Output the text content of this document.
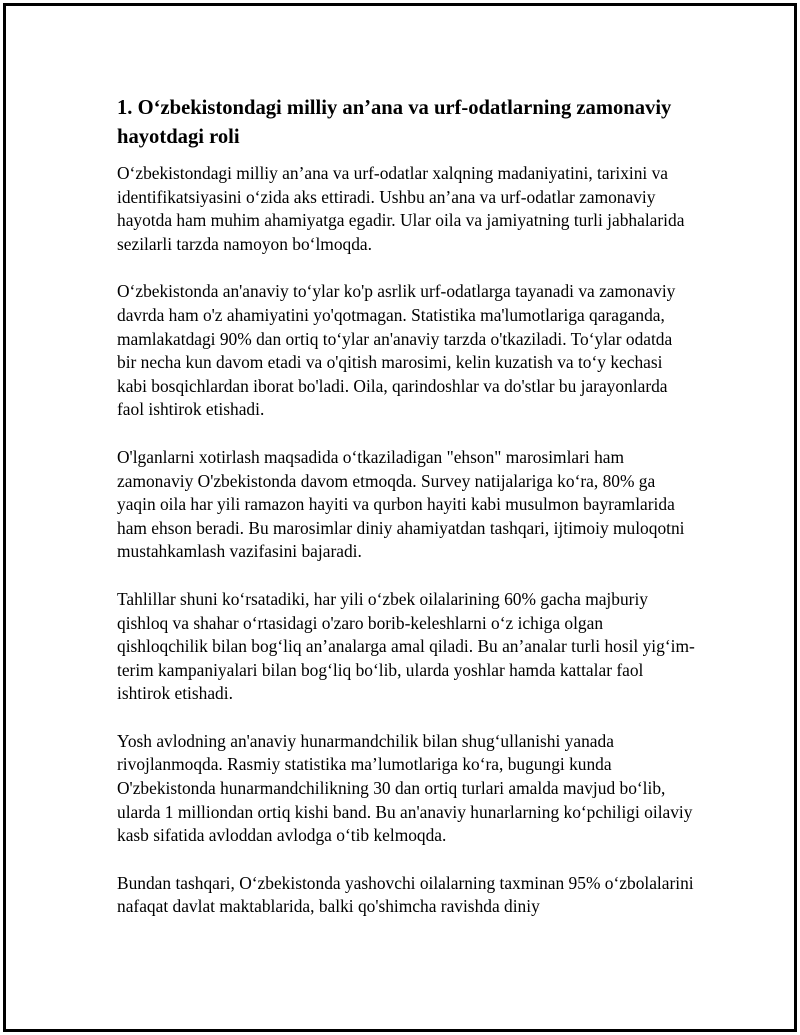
1. O‘zbekistondagi milliy an’ana va urf-odatlarning zamonaviy hayotdagi roli

O‘zbekistondagi milliy an’ana va urf-odatlar xalqning madaniyatini, tarixini va identifikatsiyasini o‘zida aks ettiradi. Ushbu an’ana va urf-odatlar zamonaviy hayotda ham muhim ahamiyatga egadir. Ular oila va jamiyatning turli jabhalarida sezilarli tarzda namoyon bo‘lmoqda.

O‘zbekistonda an'anaviy to‘ylar ko'p asrlik urf-odatlarga tayanadi va zamonaviy davrda ham o'z ahamiyatini yo'qotmagan. Statistika ma'lumotlariga qaraganda, mamlakatdagi 90% dan ortiq to‘ylar an'anaviy tarzda o'tkaziladi. To‘ylar odatda bir necha kun davom etadi va o'qitish marosimi, kelin kuzatish va to‘y kechasi kabi bosqichlardan iborat bo'ladi. Oila, qarindoshlar va do'stlar bu jarayonlarda faol ishtirok etishadi.

O'lganlarni xotirlash maqsadida o‘tkaziladigan "ehson" marosimlari ham zamonaviy O'zbekistonda davom etmoqda. Survey natijalariga ko‘ra, 80% ga yaqin oila har yili ramazon hayiti va qurbon hayiti kabi musulmon bayramlarida ham ehson beradi. Bu marosimlar diniy ahamiyatdan tashqari, ijtimoiy muloqotni mustahkamlash vazifasini bajaradi.

Tahlillar shuni ko‘rsatadiki, har yili o‘zbek oilalarining 60% gacha majburiy qishloq va shahar o‘rtasidagi o'zaro borib-keleshlarni o‘z ichiga olgan qishloqchilik bilan bog‘liq an’analarga amal qiladi. Bu an’analar turli hosil yig‘im-terim kampaniyalari bilan bog‘liq bo‘lib, ularda yoshlar hamda kattalar faol ishtirok etishadi.

Yosh avlodning an'anaviy hunarmandchilik bilan shug‘ullanishi yanada rivojlanmoqda. Rasmiy statistika ma’lumotlariga ko‘ra, bugungi kunda O'zbekistonda hunarmandchilikning 30 dan ortiq turlari amalda mavjud bo‘lib, ularda 1 milliondan ortiq kishi band. Bu an'anaviy hunarlarning ko‘pchiligi oilaviy kasb sifatida avloddan avlodga o‘tib kelmoqda.

Bundan tashqari, O‘zbekistonda yashovchi oilalarning taxminan 95% o‘zbolalarini nafaqat davlat maktablarida, balki qo'shimcha ravishda diniy
